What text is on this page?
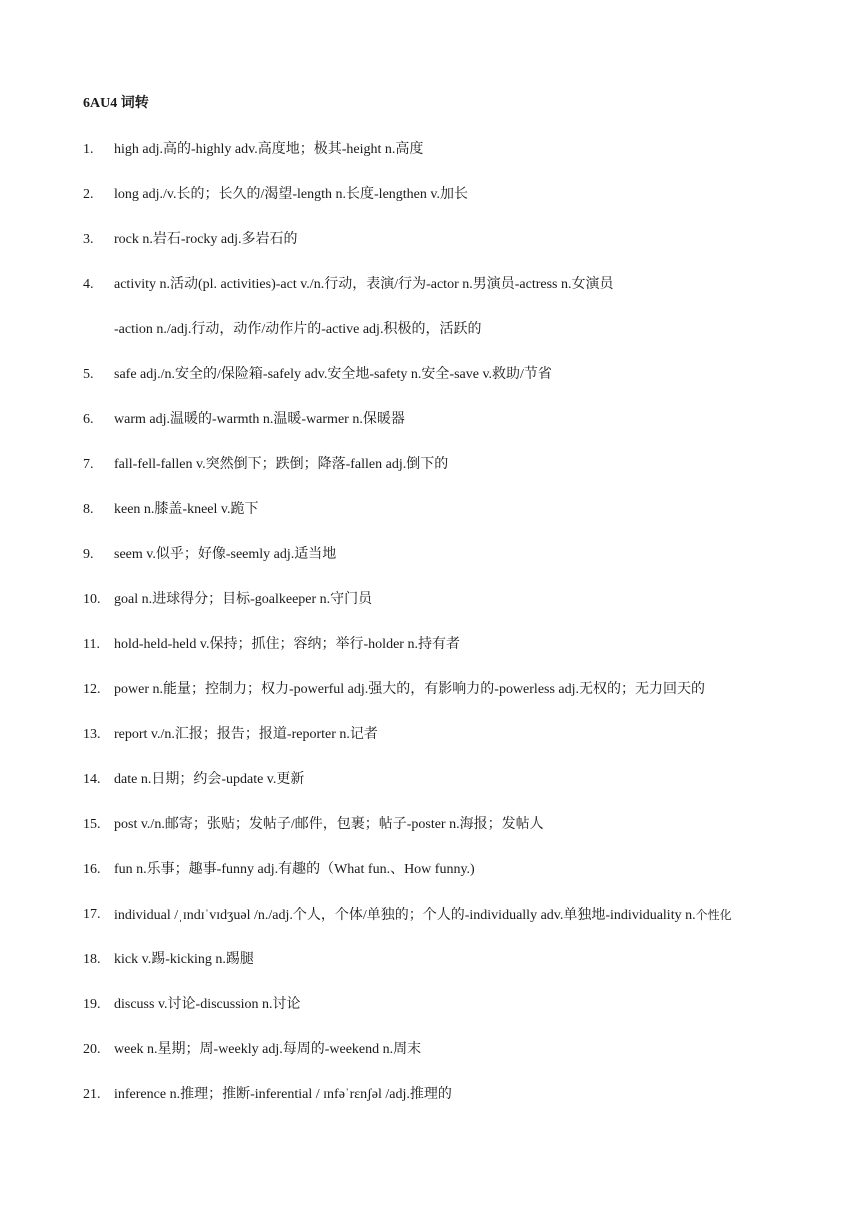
6AU4 词转
1. high adj.高的-highly adv.高度地；极其-height n.高度
2. long adj./v.长的；长久的/渴望-length n.长度-lengthen v.加长
3. rock n.岩石-rocky adj.多岩石的
4. activity n.活动(pl. activities)-act v./n.行动，表演/行为-actor n.男演员-actress n.女演员
-action n./adj.行动，动作/动作片的-active adj.积极的，活跃的
5. safe adj./n.安全的/保险箱-safely adv.安全地-safety n.安全-save v.救助/节省
6. warm adj.温暖的-warmth n.温暖-warmer n.保暖器
7. fall-fell-fallen v.突然倒下；跌倒；降落-fallen adj.倒下的
8. keen n.膝盖-kneel v.跪下
9. seem v.似乎；好像-seemly adj.适当地
10. goal n.进球得分；目标-goalkeeper n.守门员
11. hold-held-held v.保持；抓住；容纳；举行-holder n.持有者
12. power n.能量；控制力；权力-powerful adj.强大的，有影响力的-powerless adj.无权的；无力回天的
13. report v./n.汇报；报告；报道-reporter n.记者
14. date n.日期；约会-update v.更新
15. post v./n.邮寄；张贴；发帖子/邮件，包裹；帖子-poster n.海报；发帖人
16. fun n.乐事；趣事-funny adj.有趣的（What fun.、How funny.)
17. individual /ˌɪndɪˈvɪdʒuəl /n./adj.个人，个体/单独的；个人的-individually adv.单独地-individuality n.个性化
18. kick v.踢-kicking n.踢腿
19. discuss v.讨论-discussion n.讨论
20. week n.星期；周-weekly adj.每周的-weekend n.周末
21. inference n.推理；推断-inferential / ɪnfəˈrɛnʃəl /adj.推理的
